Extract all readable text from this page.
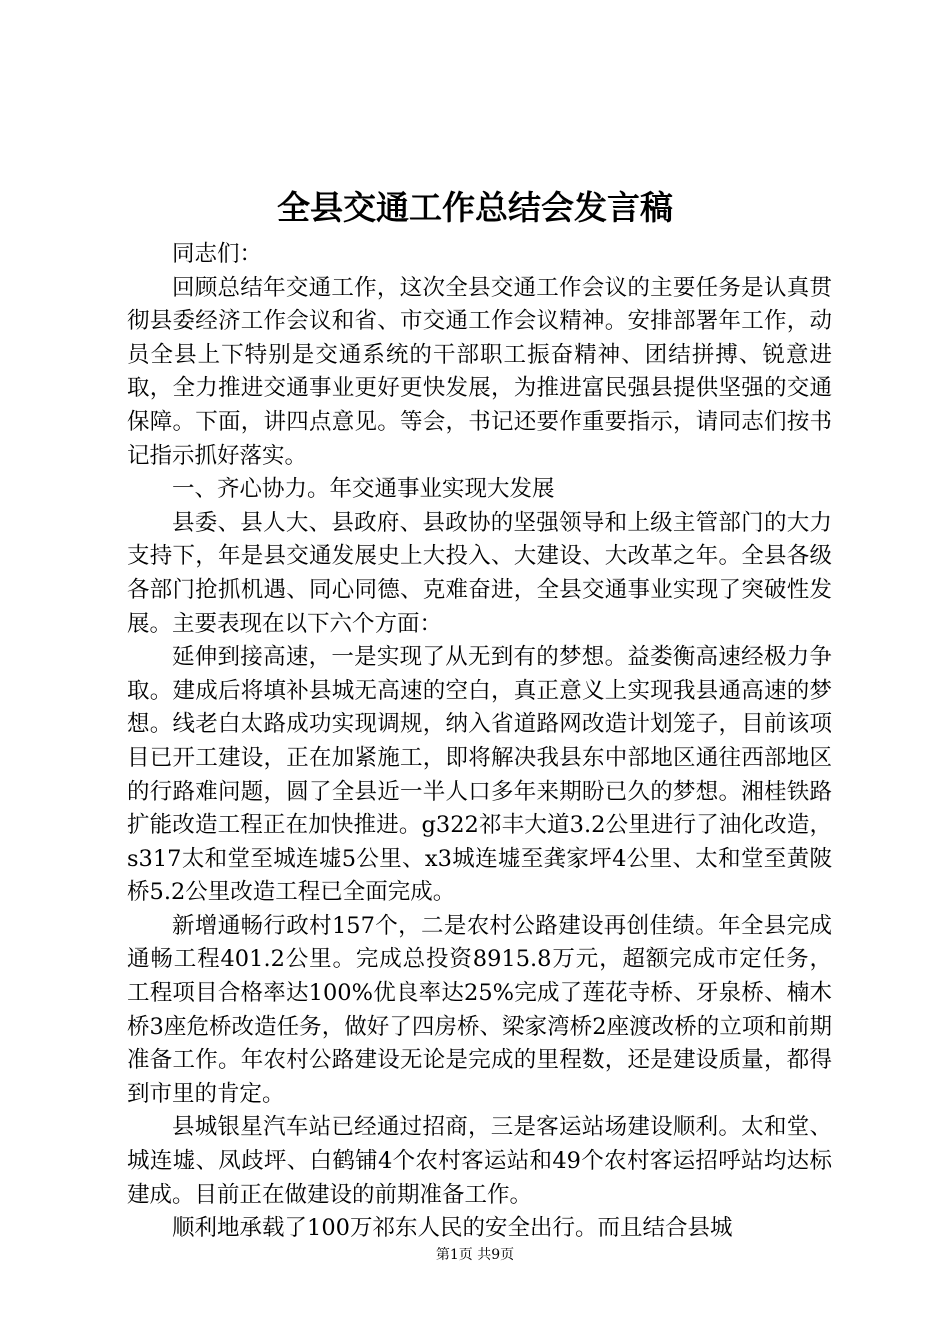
全县交通工作总结会发言稿

同志们：

回顾总结年交通工作，这次全县交通工作会议的主要任务是认真贯彻县委经济工作会议和省、市交通工作会议精神。安排部署年工作，动员全县上下特别是交通系统的干部职工振奋精神、团结拼搏、锐意进取，全力推进交通事业更好更快发展，为推进富民强县提供坚强的交通保障。下面，讲四点意见。等会，书记还要作重要指示，请同志们按书记指示抓好落实。

一、齐心协力。年交通事业实现大发展

县委、县人大、县政府、县政协的坚强领导和上级主管部门的大力支持下，年是县交通发展史上大投入、大建设、大改革之年。全县各级各部门抢抓机遇、同心同德、克难奋进，全县交通事业实现了突破性发展。主要表现在以下六个方面：

延伸到接高速，一是实现了从无到有的梦想。益娄衡高速经极力争取。建成后将填补县城无高速的空白，真正意义上实现我县通高速的梦想。线老白太路成功实现调规，纳入省道路网改造计划笼子，目前该项目已开工建设，正在加紧施工，即将解决我县东中部地区通往西部地区的行路难问题，圆了全县近一半人口多年来期盼已久的梦想。湘桂铁路扩能改造工程正在加快推进。g322祁丰大道3.2公里进行了油化改造，s317太和堂至城连墟5公里、x3城连墟至龚家坪4公里、太和堂至黄陂桥5.2公里改造工程已全面完成。

新增通畅行政村157个，二是农村公路建设再创佳绩。年全县完成通畅工程401.2公里。完成总投资8915.8万元，超额完成市定任务，工程项目合格率达100%优良率达25%完成了莲花寺桥、牙泉桥、楠木桥3座危桥改造任务，做好了四房桥、梁家湾桥2座渡改桥的立项和前期准备工作。年农村公路建设无论是完成的里程数，还是建设质量，都得到市里的肯定。

县城银星汽车站已经通过招商，三是客运站场建设顺利。太和堂、城连墟、凤歧坪、白鹤铺4个农村客运站和49个农村客运招呼站均达标建成。目前正在做建设的前期准备工作。

顺利地承载了100万祁东人民的安全出行。而且结合县城

第1页 共9页
